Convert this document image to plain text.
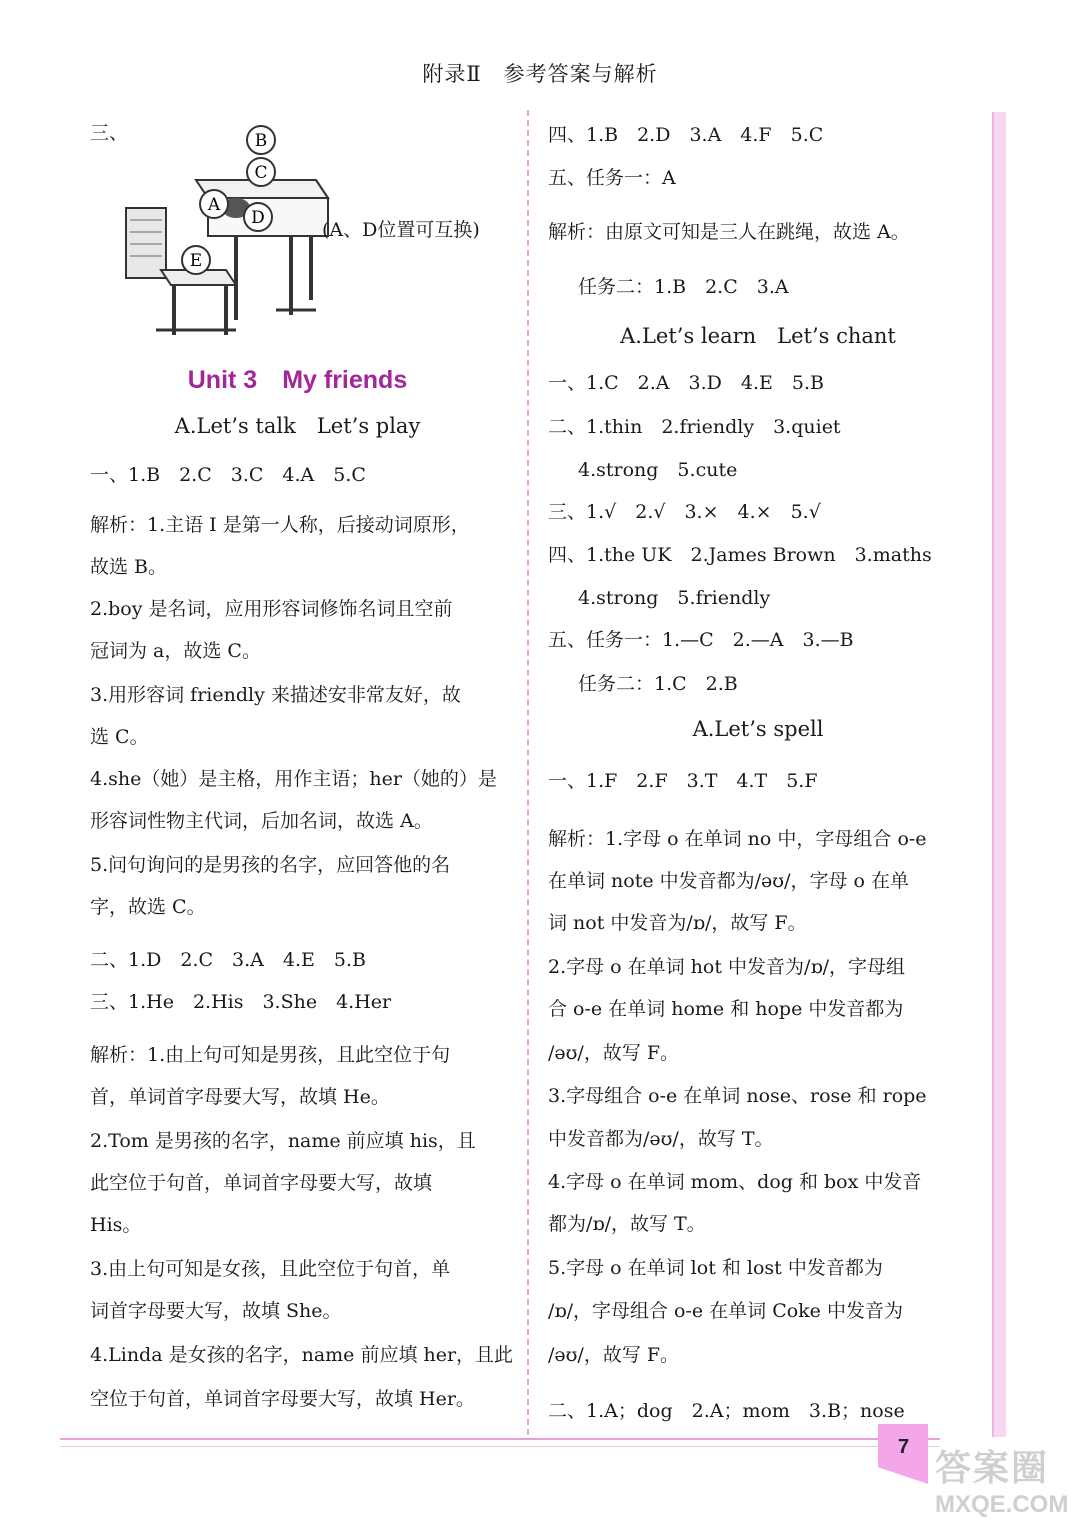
附录Ⅱ　参考答案与解析
7 答案圈
MXQE.COM
三、	B
C
A
D
E
(A、D位置可互换)
Unit 3　My friends
A.Let’s talk　Let’s play
一、1.B　2.C　3.C　4.A　5.C
解析：1.主语 I 是第一人称，后接动词原形，
故选 B。
2.boy 是名词，应用形容词修饰名词且空前
冠词为 a，故选 C。
3.用形容词 friendly 来描述安非常友好，故
选 C。
4.she（她）是主格，用作主语；her（她的）是
形容词性物主代词，后加名词，故选 A。
5.问句询问的是男孩的名字，应回答他的名
字，故选 C。
二、1.D　2.C　3.A　4.E　5.B
三、1.He　2.His　3.She　4.Her
解析：1.由上句可知是男孩，且此空位于句
首，单词首字母要大写，故填 He。
2.Tom 是男孩的名字，name 前应填 his，且
此空位于句首，单词首字母要大写，故填
His。
3.由上句可知是女孩，且此空位于句首，单
词首字母要大写，故填 She。
4.Linda 是女孩的名字，name 前应填 her，且此
空位于句首，单词首字母要大写，故填 Her。
四、1.B　2.D　3.A　4.F　5.C
五、任务一：A
解析：由原文可知是三人在跳绳，故选 A。
任务二：1.B　2.C　3.A
A.Let’s learn　Let’s chant
一、1.C　2.A　3.D　4.E　5.B
二、1.thin　2.friendly　3.quiet
4.strong　5.cute
三、1.√　2.√　3.×　4.×　5.√
四、1.the UK　2.James Brown　3.maths
4.strong　5.friendly
五、任务一：1.—C　2.—A　3.—B
任务二：1.C　2.B
A.Let’s spell
一、1.F　2.F　3.T　4.T　5.F
解析：1.字母 o 在单词 no 中，字母组合 o-e
在单词 note 中发音都为/əʊ/，字母 o 在单
词 not 中发音为/ɒ/，故写 F。
2.字母 o 在单词 hot 中发音为/ɒ/，字母组
合 o-e 在单词 home 和 hope 中发音都为
/əʊ/，故写 F。
3.字母组合 o-e 在单词 nose、rose 和 rope
中发音都为/əʊ/，故写 T。
4.字母 o 在单词 mom、dog 和 box 中发音
都为/ɒ/，故写 T。
5.字母 o 在单词 lot 和 lost 中发音都为
/ɒ/，字母组合 o-e 在单词 Coke 中发音为
/əʊ/，故写 F。
二、1.A；dog　2.A；mom　3.B；nose
